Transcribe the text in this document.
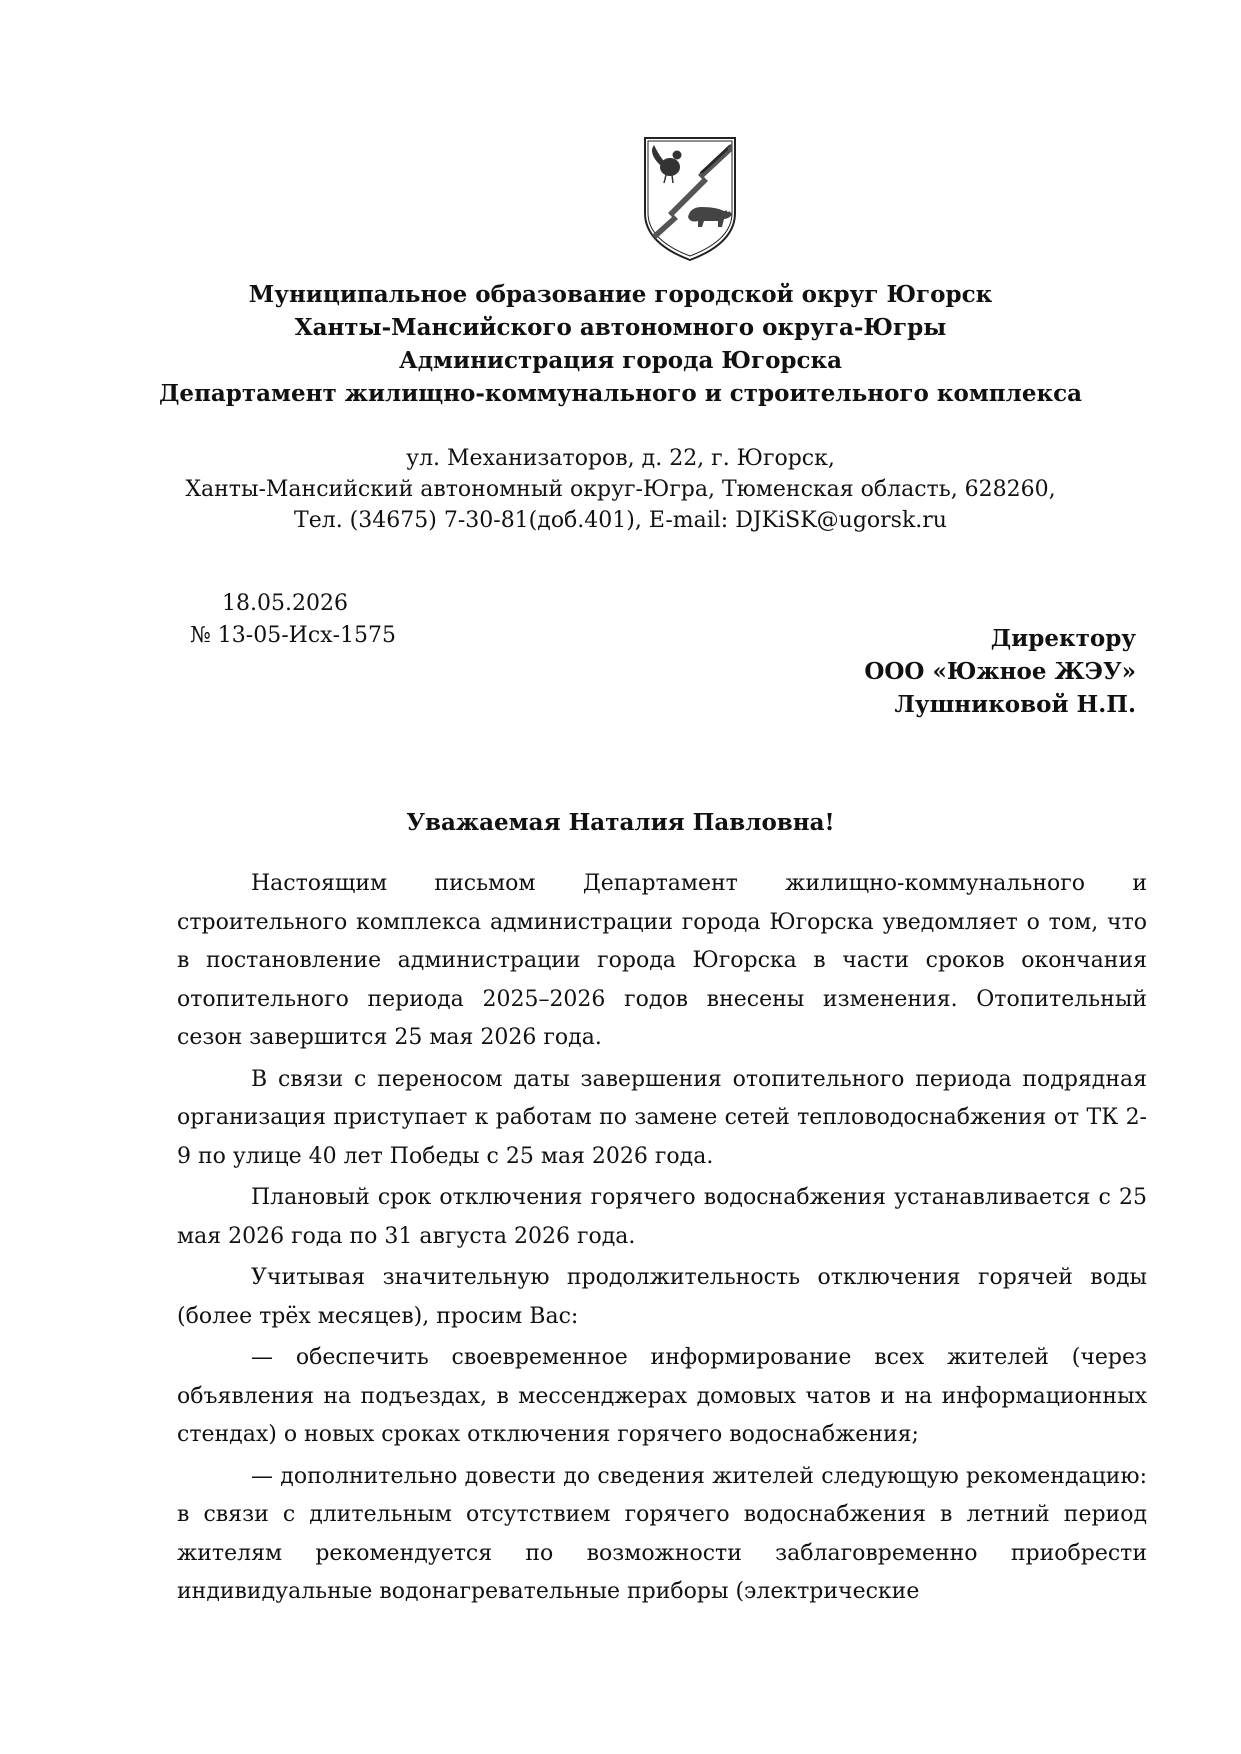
Муниципальное образование городской округ Югорск
Ханты-Мансийского автономного округа-Югры
Администрация города Югорска
Департамент жилищно-коммунального и строительного комплекса
ул. Механизаторов, д. 22, г. Югорск,
Ханты-Мансийский автономный округ-Югра, Тюменская область, 628260,
Тел. (34675) 7-30-81(доб.401), E-mail: DJKiSK@ugorsk.ru
18.05.2026
№ 13-05-Исх-1575	Директору
ООО «Южное ЖЭУ»
Лушниковой Н.П.
Уважаемая Наталия Павловна!

Настоящим письмом Департамент жилищно-коммунального и строительного комплекса администрации города Югорска уведомляет о том, что в постановление администрации города Югорска в части сроков окончания отопительного периода 2025–2026 годов внесены изменения. Отопительный сезон завершится 25 мая 2026 года.

В связи с переносом даты завершения отопительного периода подрядная организация приступает к работам по замене сетей тепловодоснабжения от ТК 2-9 по улице 40 лет Победы с 25 мая 2026 года.

Плановый срок отключения горячего водоснабжения устанавливается с 25 мая 2026 года по 31 августа 2026 года.

Учитывая значительную продолжительность отключения горячей воды (более трёх месяцев), просим Вас:

— обеспечить своевременное информирование всех жителей (через объявления на подъездах, в мессенджерах домовых чатов и на информационных стендах) о новых сроках отключения горячего водоснабжения;

— дополнительно довести до сведения жителей следующую рекомендацию: в связи с длительным отсутствием горячего водоснабжения в летний период жителям рекомендуется по возможности заблаговременно приобрести индивидуальные водонагревательные приборы (электрические
